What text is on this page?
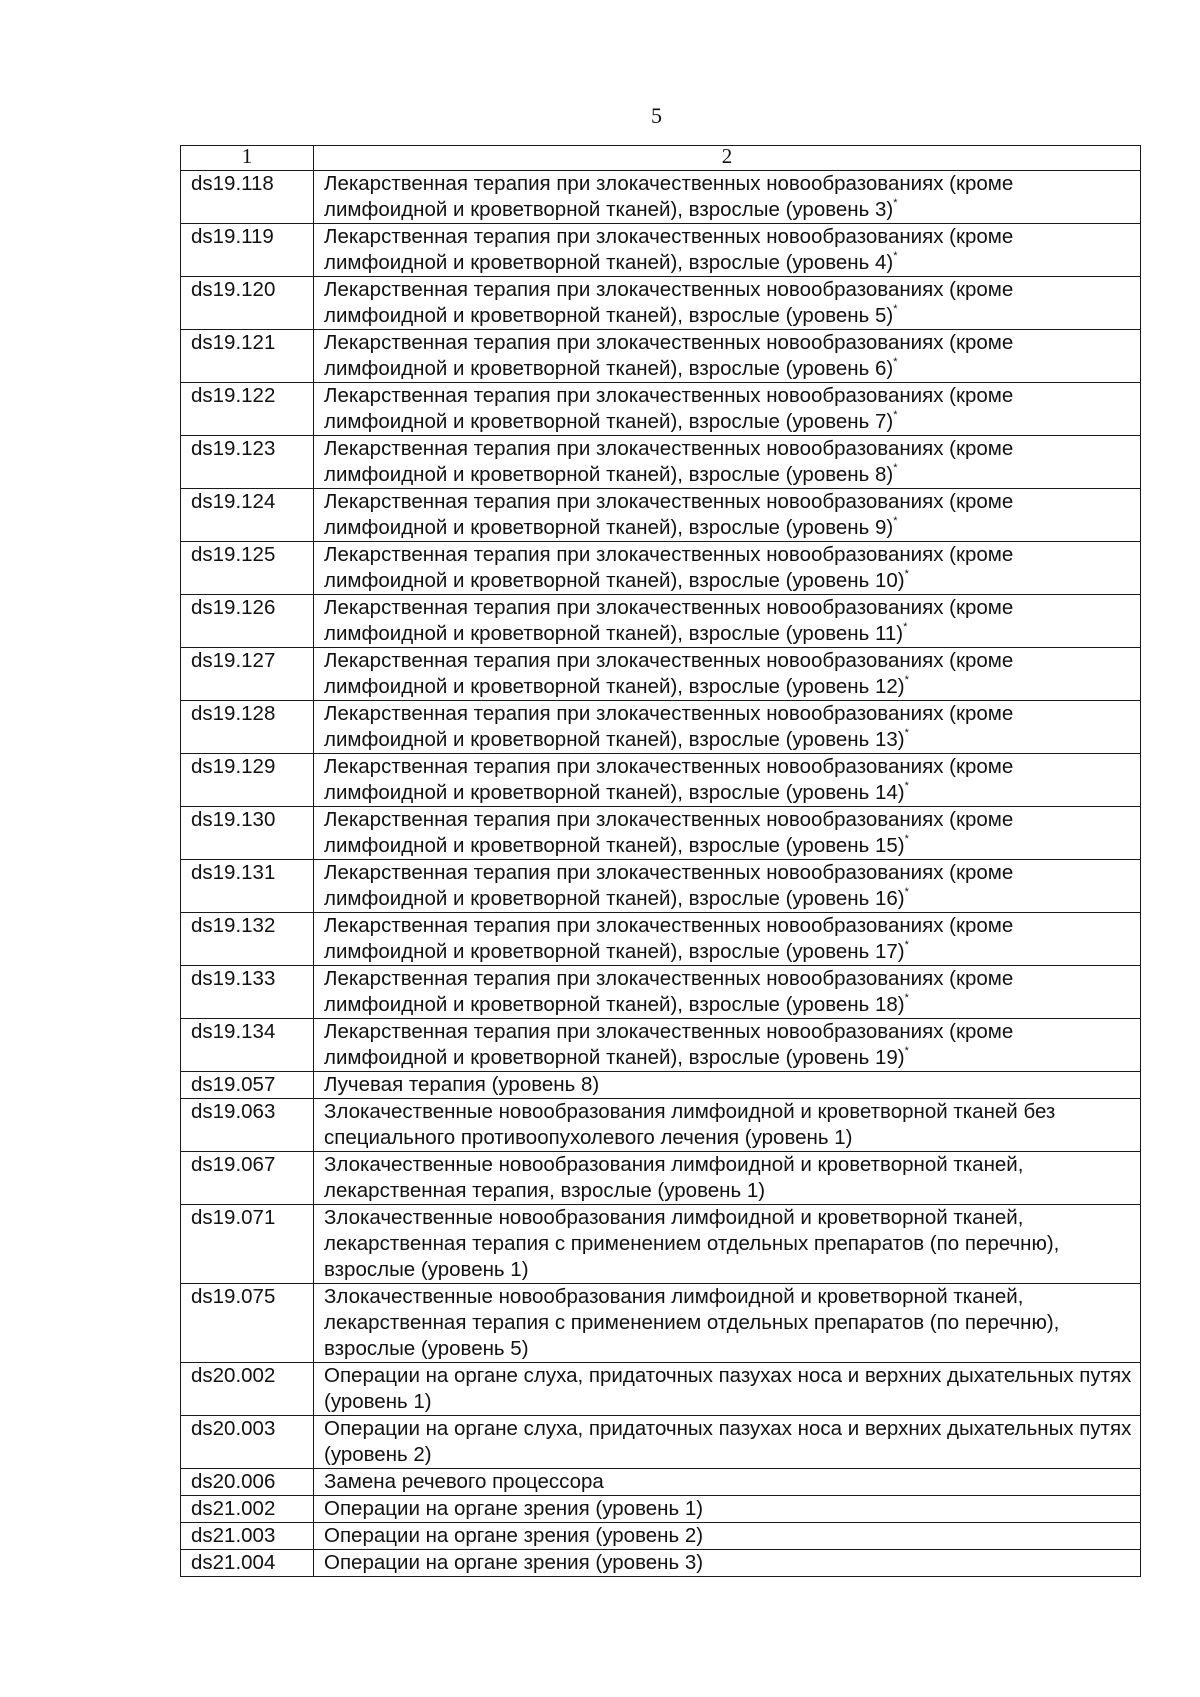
5
1	2
ds19.118	Лекарственная терапия при злокачественных новообразованиях (кроме лимфоидной и кроветворной тканей), взрослые (уровень 3)*
ds19.119	Лекарственная терапия при злокачественных новообразованиях (кроме лимфоидной и кроветворной тканей), взрослые (уровень 4)*
ds19.120	Лекарственная терапия при злокачественных новообразованиях (кроме лимфоидной и кроветворной тканей), взрослые (уровень 5)*
ds19.121	Лекарственная терапия при злокачественных новообразованиях (кроме лимфоидной и кроветворной тканей), взрослые (уровень 6)*
ds19.122	Лекарственная терапия при злокачественных новообразованиях (кроме лимфоидной и кроветворной тканей), взрослые (уровень 7)*
ds19.123	Лекарственная терапия при злокачественных новообразованиях (кроме лимфоидной и кроветворной тканей), взрослые (уровень 8)*
ds19.124	Лекарственная терапия при злокачественных новообразованиях (кроме лимфоидной и кроветворной тканей), взрослые (уровень 9)*
ds19.125	Лекарственная терапия при злокачественных новообразованиях (кроме лимфоидной и кроветворной тканей), взрослые (уровень 10)*
ds19.126	Лекарственная терапия при злокачественных новообразованиях (кроме лимфоидной и кроветворной тканей), взрослые (уровень 11)*
ds19.127	Лекарственная терапия при злокачественных новообразованиях (кроме лимфоидной и кроветворной тканей), взрослые (уровень 12)*
ds19.128	Лекарственная терапия при злокачественных новообразованиях (кроме лимфоидной и кроветворной тканей), взрослые (уровень 13)*
ds19.129	Лекарственная терапия при злокачественных новообразованиях (кроме лимфоидной и кроветворной тканей), взрослые (уровень 14)*
ds19.130	Лекарственная терапия при злокачественных новообразованиях (кроме лимфоидной и кроветворной тканей), взрослые (уровень 15)*
ds19.131	Лекарственная терапия при злокачественных новообразованиях (кроме лимфоидной и кроветворной тканей), взрослые (уровень 16)*
ds19.132	Лекарственная терапия при злокачественных новообразованиях (кроме лимфоидной и кроветворной тканей), взрослые (уровень 17)*
ds19.133	Лекарственная терапия при злокачественных новообразованиях (кроме лимфоидной и кроветворной тканей), взрослые (уровень 18)*
ds19.134	Лекарственная терапия при злокачественных новообразованиях (кроме лимфоидной и кроветворной тканей), взрослые (уровень 19)*
ds19.057	Лучевая терапия (уровень 8)
ds19.063	Злокачественные новообразования лимфоидной и кроветворной тканей без специального противоопухолевого лечения (уровень 1)
ds19.067	Злокачественные новообразования лимфоидной и кроветворной тканей, лекарственная терапия, взрослые (уровень 1)
ds19.071	Злокачественные новообразования лимфоидной и кроветворной тканей, лекарственная терапия с применением отдельных препаратов (по перечню), взрослые (уровень 1)
ds19.075	Злокачественные новообразования лимфоидной и кроветворной тканей, лекарственная терапия с применением отдельных препаратов (по перечню), взрослые (уровень 5)
ds20.002	Операции на органе слуха, придаточных пазухах носа и верхних дыхательных путях (уровень 1)
ds20.003	Операции на органе слуха, придаточных пазухах носа и верхних дыхательных путях (уровень 2)
ds20.006	Замена речевого процессора
ds21.002	Операции на органе зрения (уровень 1)
ds21.003	Операции на органе зрения (уровень 2)
ds21.004	Операции на органе зрения (уровень 3)
